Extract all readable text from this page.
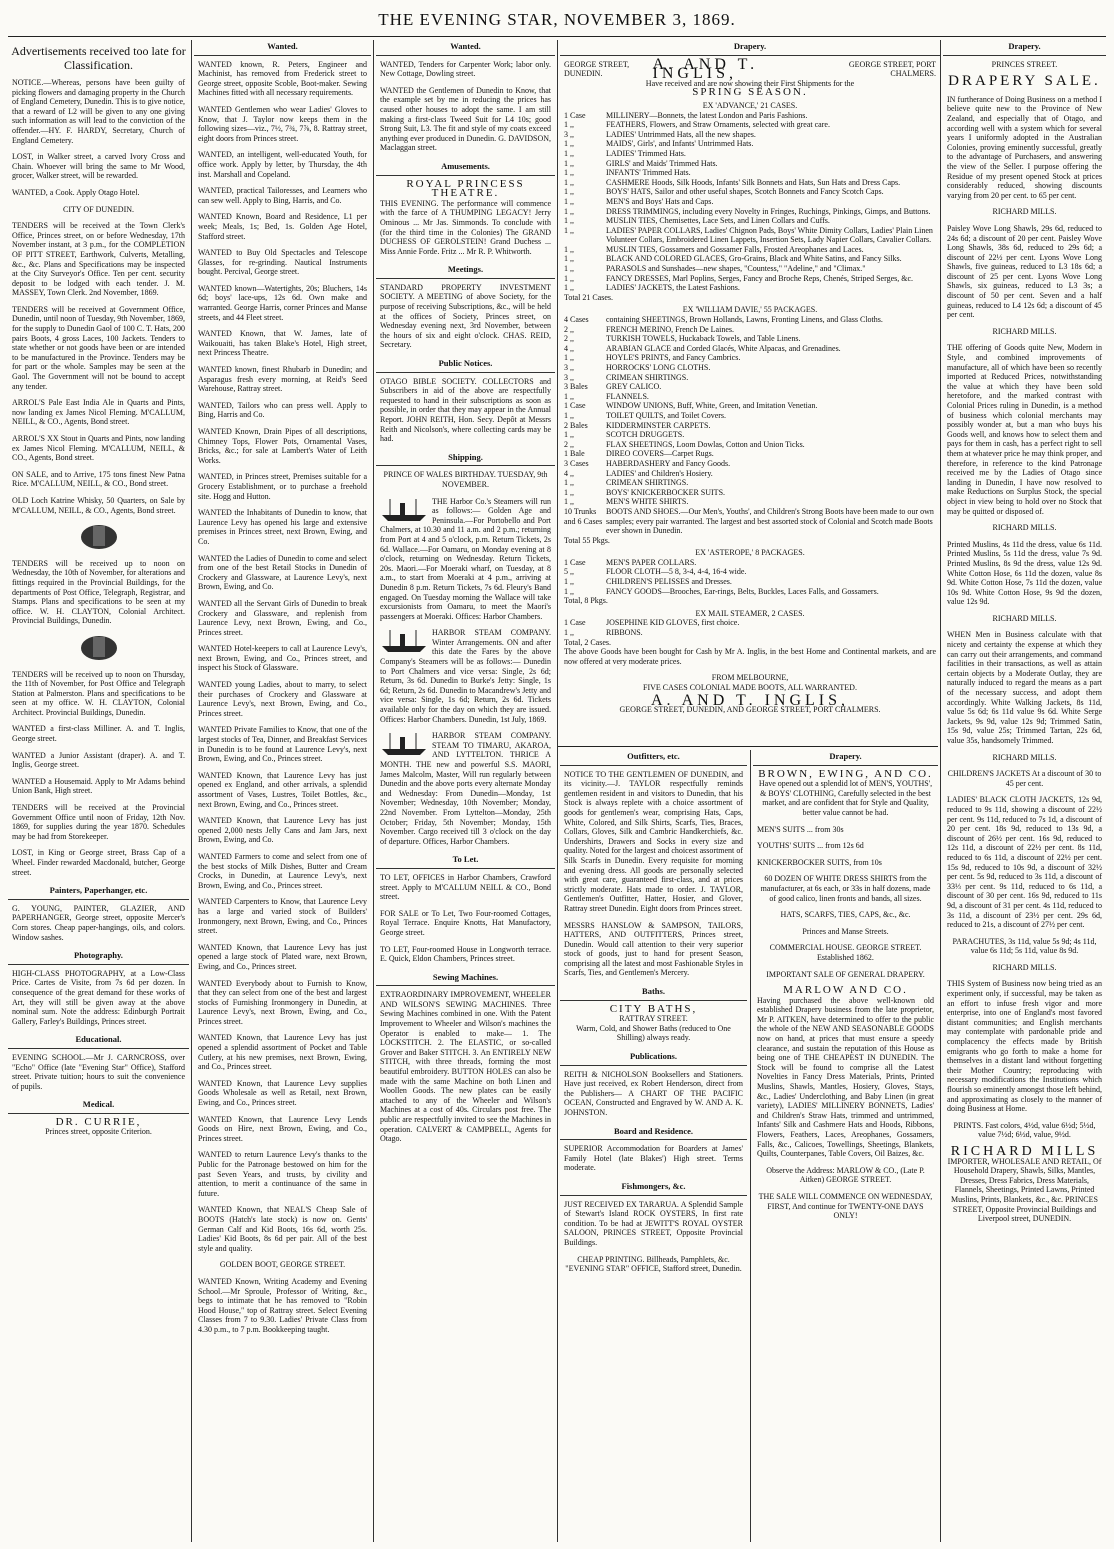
THE EVENING STAR, NOVEMBER 3, 1869.
Advertisements received too late for Classification.
NOTICE.—Whereas, persons have been guilty of picking flowers and damaging property in the Church of England Cemetery, Dunedin. This is to give notice, that a reward of L2 will be given to any one giving such information as will lead to the conviction of the offender.—HY. F. HARDY, Secretary, Church of England Cemetery.
LOST, in Walker street, a carved Ivory Cross and Chain. Whoever will bring the same to Mr Wood, grocer, Walker street, will be rewarded.
WANTED, a Cook. Apply Otago Hotel.
CITY OF DUNEDIN.
TENDERS will be received at the Town Clerk's Office, Princes street, on or before Wednesday, 17th November instant, at 3 p.m., for the COMPLETION OF PITT STREET, Earthwork, Culverts, Metalling, &c., &c. Plans and Specifications may be inspected at the City Surveyor's Office. Ten per cent. security deposit to be lodged with each tender. J. M. MASSEY, Town Clerk. 2nd November, 1869.
TENDERS will be received at Government Office, Dunedin, until noon of Tuesday, 9th November, 1869, for the supply to Dunedin Gaol of 100 C. T. Hats, 200 pairs Boots, 4 gross Laces, 100 Jackets. Tenders to state whether or not goods have been or are intended to be manufactured in the Province. Tenders may be for part or the whole. Samples may be seen at the Gaol. The Government will not be bound to accept any tender.
ARROL'S Pale East India Ale in Quarts and Pints, now landing ex James Nicol Fleming. M'CALLUM, NEILL, & CO., Agents, Bond street.
ARROL'S XX Stout in Quarts and Pints, now landing ex James Nicol Fleming. M'CALLUM, NEILL, & CO., Agents, Bond street.
ON SALE, and to Arrive, 175 tons finest New Patna Rice. M'CALLUM, NEILL, & CO., Bond street.
OLD Loch Katrine Whisky, 50 Quarters, on Sale by M'CALLUM, NEILL, & CO., Agents, Bond street.
TENDERS will be received up to noon on Wednesday, the 10th of November, for alterations and fittings required in the Provincial Buildings, for the departments of Post Office, Telegraph, Registrar, and Stamps. Plans and specifications to be seen at my office. W. H. CLAYTON, Colonial Architect. Provincial Buildings, Dunedin.
TENDERS will be received up to noon on Thursday, the 11th of November, for Post Office and Telegraph Station at Palmerston. Plans and specifications to be seen at my office. W. H. CLAYTON, Colonial Architect. Provincial Buildings, Dunedin.
WANTED a first-class Milliner. A. and T. Inglis, George street.
WANTED a Junior Assistant (draper). A. and T. Inglis, George street.
WANTED a Housemaid. Apply to Mr Adams behind Union Bank, High street.
TENDERS will be received at the Provincial Government Office until noon of Friday, 12th Nov. 1869, for supplies during the year 1870. Schedules may be had from Storekeeper.
LOST, in King or George street, Brass Cap of a Wheel. Finder rewarded Macdonald, butcher, George street.
Painters, Paperhanger, etc.
G. YOUNG, PAINTER, GLAZIER, AND PAPERHANGER, George street, opposite Mercer's Corn stores. Cheap paper-hangings, oils, and colors. Window sashes.
Photography.
HIGH-CLASS PHOTOGRAPHY, at a Low-Class Price. Cartes de Visite, from 7s 6d per dozen. In consequence of the great demand for these works of Art, they will still be given away at the above nominal sum. Note the address: Edinburgh Portrait Gallery, Farley's Buildings, Princes street.
Educational.
EVENING SCHOOL.—Mr J. CARNCROSS, over "Echo" Office (late "Evening Star" Office), Stafford street. Private tuition; hours to suit the convenience of pupils.
Medical.
DR. CURRIE,
Princes street, opposite Criterion.
Wanted.
WANTED known, R. Peters, Engineer and Machinist, has removed from Frederick street to George street, opposite Scoble, Boot-maker. Sewing Machines fitted with all necessary requirements.
WANTED Gentlemen who wear Ladies' Gloves to Know, that J. Taylor now keeps them in the following sizes—viz., 7½, 7¾, 7⅞, 8. Rattray street, eight doors from Princes street.
WANTED, an intelligent, well-educated Youth, for office work. Apply by letter, by Thursday, the 4th inst. Marshall and Copeland.
WANTED, practical Tailoresses, and Learners who can sew well. Apply to Bing, Harris, and Co.
WANTED Known, Board and Residence, L1 per week; Meals, 1s; Bed, 1s. Golden Age Hotel, Stafford street.
WANTED to Buy Old Spectacles and Telescope Glasses, for re-grinding. Nautical Instruments bought. Percival, George street.
WANTED known—Watertights, 20s; Bluchers, 14s 6d; boys' lace-ups, 12s 6d. Own make and warranted. George Harris, corner Princes and Manse streets, and 44 Fleet street.
WANTED Known, that W. James, late of Waikouaiti, has taken Blake's Hotel, High street, next Princess Theatre.
WANTED known, finest Rhubarb in Dunedin; and Asparagus fresh every morning, at Reid's Seed Warehouse, Rattray street.
WANTED, Tailors who can press well. Apply to Bing, Harris and Co.
WANTED Known, Drain Pipes of all descriptions, Chimney Tops, Flower Pots, Ornamental Vases, Bricks, &c.; for sale at Lambert's Water of Leith Works.
WANTED, in Princes street, Premises suitable for a Grocery Establishment, or to purchase a freehold site. Hogg and Hutton.
WANTED the Inhabitants of Dunedin to know, that Laurence Levy has opened his large and extensive premises in Princes street, next Brown, Ewing, and Co.
WANTED the Ladies of Dunedin to come and select from one of the best Retail Stocks in Dunedin of Crockery and Glassware, at Laurence Levy's, next Brown, Ewing, and Co.
WANTED all the Servant Girls of Dunedin to break Crockery and Glassware, and replenish from Laurence Levy, next Brown, Ewing, and Co., Princes street.
WANTED Hotel-keepers to call at Laurence Levy's, next Brown, Ewing, and Co., Princes street, and inspect his Stock of Glassware.
WANTED young Ladies, about to marry, to select their purchases of Crockery and Glassware at Laurence Levy's, next Brown, Ewing, and Co., Princes street.
WANTED Private Families to Know, that one of the largest stocks of Tea, Dinner, and Breakfast Services in Dunedin is to be found at Laurence Levy's, next Brown, Ewing, and Co., Princes street.
WANTED Known, that Laurence Levy has just opened ex England, and other arrivals, a splendid assortment of Vases, Lustres, Toilet Bottles, &c., next Brown, Ewing, and Co., Princes street.
WANTED Known, that Laurence Levy has just opened 2,000 nests Jelly Cans and Jam Jars, next Brown, Ewing, and Co.
WANTED Farmers to come and select from one of the best stocks of Milk Dishes, Butter and Cream Crocks, in Dunedin, at Laurence Levy's, next Brown, Ewing, and Co., Princes street.
WANTED Carpenters to Know, that Laurence Levy has a large and varied stock of Builders' Ironmongery, next Brown, Ewing, and Co., Princes street.
WANTED Known, that Laurence Levy has just opened a large stock of Plated ware, next Brown, Ewing, and Co., Princes street.
WANTED Everybody about to Furnish to Know, that they can select from one of the best and largest stocks of Furnishing Ironmongery in Dunedin, at Laurence Levy's, next Brown, Ewing, and Co., Princes street.
WANTED Known, that Laurence Levy has just opened a splendid assortment of Pocket and Table Cutlery, at his new premises, next Brown, Ewing, and Co., Princes street.
WANTED Known, that Laurence Levy supplies Goods Wholesale as well as Retail, next Brown, Ewing, and Co., Princes street.
WANTED Known, that Laurence Levy Lends Goods on Hire, next Brown, Ewing, and Co., Princes street.
WANTED to return Laurence Levy's thanks to the Public for the Patronage bestowed on him for the past Seven Years, and trusts, by civility and attention, to merit a continuance of the same in future.
WANTED Known, that NEAL'S Cheap Sale of BOOTS (Hatch's late stock) is now on. Gents' German Calf and Kid Boots, 16s 6d, worth 25s. Ladies' Kid Boots, 8s 6d per pair. All of the best style and quality.
GOLDEN BOOT, GEORGE STREET.
WANTED Known, Writing Academy and Evening School.—Mr Sproule, Professor of Writing, &c., begs to intimate that he has removed to "Robin Hood House," top of Rattray street. Select Evening Classes from 7 to 9.30. Ladies' Private Class from 4.30 p.m., to 7 p.m. Bookkeeping taught.
Wanted.
WANTED, Tenders for Carpenter Work; labor only. New Cottage, Dowling street.
WANTED the Gentlemen of Dunedin to Know, that the example set by me in reducing the prices has caused other houses to adopt the same. I am still making a first-class Tweed Suit for L4 10s; good Strong Suit, L3. The fit and style of my coats exceed anything ever produced in Dunedin. G. DAVIDSON, Maclaggan street.
Amusements.
ROYAL PRINCESS THEATRE.
THIS EVENING. The performance will commence with the farce of A THUMPING LEGACY! Jerry Ominous ... Mr Jas. Simmonds. To conclude with (for the third time in the Colonies) The GRAND DUCHESS OF GEROLSTEIN! Grand Duchess ... Miss Annie Forde. Fritz ... Mr R. P. Whitworth.
Meetings.
STANDARD PROPERTY INVESTMENT SOCIETY. A MEETING of above Society, for the purpose of receiving Subscriptions, &c., will be held at the offices of Society, Princes street, on Wednesday evening next, 3rd November, between the hours of six and eight o'clock. CHAS. REID, Secretary.
Public Notices.
OTAGO BIBLE SOCIETY. COLLECTORS and Subscribers in aid of the above are respectfully requested to hand in their subscriptions as soon as possible, in order that they may appear in the Annual Report. JOHN REITH, Hon. Secy. Depôt at Messrs Reith and Nicolson's, where collecting cards may be had.
Shipping.
PRINCE OF WALES BIRTHDAY. TUESDAY, 9th NOVEMBER.
THE Harbor Co.'s Steamers will run as follows:— Golden Age and Peninsula.—For Portobello and Port Chalmers, at 10.30 and 11 a.m. and 2 p.m.; returning from Port at 4 and 5 o'clock, p.m. Return Tickets, 2s 6d. Wallace.—For Oamaru, on Monday evening at 8 o'clock, returning on Wednesday. Return Tickets, 20s. Maori.—For Moeraki wharf, on Tuesday, at 8 a.m., to start from Moeraki at 4 p.m., arriving at Dunedin 8 p.m. Return Tickets, 7s 6d. Fleury's Band engaged. On Tuesday morning the Wallace will take excursionists from Oamaru, to meet the Maori's passengers at Moeraki. Offices: Harbor Chambers.
HARBOR STEAM COMPANY. Winter Arrangements. ON and after this date the Fares by the above Company's Steamers will be as follows:— Dunedin to Port Chalmers and vice versa: Single, 2s 6d; Return, 3s 6d. Dunedin to Burke's Jetty: Single, 1s 6d; Return, 2s 6d. Dunedin to Macandrew's Jetty and vice versa: Single, 1s 6d; Return, 2s 6d. Tickets available only for the day on which they are issued. Offices: Harbor Chambers. Dunedin, 1st July, 1869.
HARBOR STEAM COMPANY. STEAM TO TIMARU, AKAROA, AND LYTTELTON. THRICE A MONTH. THE new and powerful S.S. MAORI, James Malcolm, Master, Will run regularly between Dunedin and the above ports every alternate Monday and Wednesday: From Dunedin—Monday, 1st November; Wednesday, 10th November; Monday, 22nd November. From Lyttelton—Monday, 25th October; Friday, 5th November; Monday, 15th November. Cargo received till 3 o'clock on the day of departure. Offices, Harbor Chambers.
To Let.
TO LET, OFFICES in Harbor Chambers, Crawford street. Apply to M'CALLUM NEILL & CO., Bond street.
FOR SALE or To Let, Two Four-roomed Cottages, Royal Terrace. Enquire Knotts, Hat Manufactory, George street.
TO LET, Four-roomed House in Longworth terrace. E. Quick, Eldon Chambers, Princes street.
Sewing Machines.
EXTRAORDINARY IMPROVEMENT, WHEELER AND WILSON'S SEWING MACHINES. Three Sewing Machines combined in one. With the Patent Improvement to Wheeler and Wilson's machines the Operator is enabled to make— 1. The LOCKSTITCH. 2. The ELASTIC, or so-called Grover and Baker STITCH. 3. An ENTIRELY NEW STITCH, with three threads, forming the most beautiful embroidery. BUTTON HOLES can also be made with the same Machine on both Linen and Woollen Goods. The new plates can be easily attached to any of the Wheeler and Wilson's Machines at a cost of 40s. Circulars post free. The public are respectfully invited to see the Machines in operation. CALVERT & CAMPBELL, Agents for Otago.
Drapery.
GEORGE STREET, DUNEDIN.
A. AND T. INGLIS,
GEORGE STREET, PORT CHALMERS.
Have received and are now showing their First Shipments for the
SPRING SEASON.
EX 'ADVANCE,' 21 CASES.
1 Case	MILLINERY—Bonnets, the latest London and Paris Fashions.
1 ,,	FEATHERS, Flowers, and Straw Ornaments, selected with great care.
3 ,,	LADIES' Untrimmed Hats, all the new shapes.
1 ,,	MAIDS', Girls', and Infants' Untrimmed Hats.
1 ,,	LADIES' Trimmed Hats.
1 ,,	GIRLS' and Maids' Trimmed Hats.
1 ,,	INFANTS' Trimmed Hats.
1 ,,	CASHMERE Hoods, Silk Hoods, Infants' Silk Bonnets and Hats, Sun Hats and Dress Caps.
1 ,,	BOYS' HATS, Sailor and other useful shapes, Scotch Bonnets and Fancy Scotch Caps.
1 ,,	MEN'S and Boys' Hats and Caps.
1 ,,	DRESS TRIMMINGS, including every Novelty in Fringes, Ruchings, Pinkings, Gimps, and Buttons.
1 ,,	MUSLIN TIES, Chemisettes, Lace Sets, and Linen Collars and Cuffs.
1 ,,	LADIES' PAPER COLLARS, Ladies' Chignon Pads, Boys' White Dimity Collars, Ladies' Plain Linen Volunteer Collars, Embroidered Linen Lappets, Insertion Sets, Lady Napier Collars, Cavalier Collars.
1 ,,	MUSLIN TIES, Gossamers and Gossamer Falls, Frosted Areophanes and Laces.
1 ,,	BLACK AND COLORED GLACES, Gro-Grains, Black and White Satins, and Fancy Silks.
1 ,,	PARASOLS and Sunshades—new shapes, "Countess," "Adeline," and "Climax."
1 ,,	FANCY DRESSES, Marl Poplins, Serges, Fancy and Broche Reps, Chenés, Striped Serges, &c.
1 ,,	LADIES' JACKETS, the Latest Fashions.
Total 21 Cases.
EX 'WILLIAM DAVIE,' 55 PACKAGES.
4 Cases	containing SHEETINGS, Brown Hollands, Lawns, Fronting Linens, and Glass Cloths.
2 ,,	FRENCH MERINO, French De Laines.
2 ,,	TURKISH TOWELS, Huckaback Towels, and Table Linens.
4 ,,	ARABIAN GLACE and Corded Glacés, White Alpacas, and Grenadines.
1 ,,	HOYLE'S PRINTS, and Fancy Cambrics.
3 ,,	HORROCKS' LONG CLOTHS.
3 ,,	CRIMEAN SHIRTINGS.
3 Bales	GREY CALICO.
1 ,,	FLANNELS.
1 Case	WINDOW UNIONS, Buff, White, Green, and Imitation Venetian.
1 ,,	TOILET QUILTS, and Toilet Covers.
2 Bales	KIDDERMINSTER CARPETS.
1 ,,	SCOTCH DRUGGETS.
2 ,,	FLAX SHEETINGS, Loom Dowlas, Cotton and Union Ticks.
1 Bale	DIREO COVERS—Carpet Rugs.
3 Cases	HABERDASHERY and Fancy Goods.
4 ,,	LADIES' and Children's Hosiery.
1 ,,	CRIMEAN SHIRTINGS.
1 ,,	BOYS' KNICKERBOCKER SUITS.
1 ,,	MEN'S WHITE SHIRTS.
10 Trunks and 6 Cases
BOOTS AND SHOES.—Our Men's, Youths', and Children's Strong Boots have been made to our own samples; every pair warranted. The largest and best assorted stock of Colonial and Scotch made Boots ever shown in Dunedin.
Total 55 Pkgs.
EX 'ASTEROPE,' 8 PACKAGES.
1 Case	MEN'S PAPER COLLARS.
5 ,,	FLOOR CLOTH—5 8, 3-4, 4-4, 16-4 wide.
1 ,,	CHILDREN'S PELISSES and Dresses.
1 ,,	FANCY GOODS—Brooches, Ear-rings, Belts, Buckles, Laces Falls, and Gossamers.
Total, 8 Pkgs.
EX MAIL STEAMER, 2 CASES.
1 Case	JOSEPHINE KID GLOVES, first choice.
1 ,,	RIBBONS.
Total, 2 Cases.
The above Goods have been bought for Cash by Mr A. Inglis, in the best Home and Continental markets, and are now offered at very moderate prices.
FROM MELBOURNE,
FIVE CASES COLONIAL MADE BOOTS, ALL WARRANTED.
A. AND T. INGLIS,
GEORGE STREET, DUNEDIN, AND GEORGE STREET, PORT CHALMERS.
Outfitters, etc.
NOTICE TO THE GENTLEMEN OF DUNEDIN, and its vicinity.—J. TAYLOR respectfully reminds gentlemen resident in and visitors to Dunedin, that his Stock is always replete with a choice assortment of goods for gentlemen's wear, comprising Hats, Caps, White, Colored, and Silk Shirts, Scarfs, Ties, Braces, Collars, Gloves, Silk and Cambric Handkerchiefs, &c. Undershirts, Drawers and Socks in every size and quality. Noted for the largest and choicest assortment of Silk Scarfs in Dunedin. Every requisite for morning and evening dress. All goods are personally selected with great care, guaranteed first-class, and at prices strictly moderate. Hats made to order. J. TAYLOR, Gentlemen's Outfitter, Hatter, Hosier, and Glover, Rattray street Dunedin. Eight doors from Princes street.
MESSRS HANSLOW & SAMPSON, TAILORS, HATTERS, AND OUTFITTERS, Princes street, Dunedin. Would call attention to their very superior stock of goods, just to hand for present Season, comprising all the latest and most Fashionable Styles in Scarfs, Ties, and Gentlemen's Mercery.
Baths.
CITY BATHS,
RATTRAY STREET.
Warm, Cold, and Shower Baths (reduced to One Shilling) always ready.
Publications.
REITH & NICHOLSON Booksellers and Stationers. Have just received, ex Robert Henderson, direct from the Publishers— A CHART OF THE PACIFIC OCEAN, Constructed and Engraved by W. AND A. K. JOHNSTON.
Board and Residence.
SUPERIOR Accommodation for Boarders at James' Family Hotel (late Blakes') High street. Terms moderate.
Fishmongers, &c.
JUST RECEIVED EX TARARUA. A Splendid Sample of Stewart's Island ROCK OYSTERS, In first rate condition. To be had at JEWITT'S ROYAL OYSTER SALOON, PRINCES STREET, Opposite Provincial Buildings.
CHEAP PRINTING. Billheads, Pamphlets, &c. "EVENING STAR" OFFICE, Stafford street, Dunedin.
Drapery.
BROWN, EWING, AND CO.
Have opened out a splendid lot of MEN'S, YOUTHS', & BOYS' CLOTHING, Carefully selected in the best market, and are confident that for Style and Quality, better value cannot be had.
MEN'S SUITS ... from 30s
YOUTHS' SUITS ... from 12s 6d
KNICKERBOCKER SUITS, from 10s
60 DOZEN OF WHITE DRESS SHIRTS from the manufacturer, at 6s each, or 33s in half dozens, made of good calico, linen fronts and bands, all sizes.
HATS, SCARFS, TIES, CAPS, &c., &c.
Princes and Manse Streets.
COMMERCIAL HOUSE. GEORGE STREET. Established 1862.
IMPORTANT SALE OF GENERAL DRAPERY.
MARLOW AND CO.
Having purchased the above well-known old established Drapery business from the late proprietor, Mr P. AITKEN, have determined to offer to the public the whole of the NEW AND SEASONABLE GOODS now on hand, at prices that must ensure a speedy clearance, and sustain the reputation of this House as being one of THE CHEAPEST IN DUNEDIN. The Stock will be found to comprise all the Latest Novelties in Fancy Dress Materials, Prints, Printed Muslins, Shawls, Mantles, Hosiery, Gloves, Stays, &c., Ladies' Underclothing, and Baby Linen (in great variety), LADIES' MILLINERY BONNETS, Ladies' and Children's Straw Hats, trimmed and untrimmed, Infants' Silk and Cashmere Hats and Hoods, Ribbons, Flowers, Feathers, Laces, Areophanes, Gossamers, Falls, &c., Calicoes, Towellings, Sheetings, Blankets, Quilts, Counterpanes, Table Covers, Oil Baizes, &c.
Observe the Address: MARLOW & CO., (Late P. Aitken) GEORGE STREET.
THE SALE WILL COMMENCE ON WEDNESDAY, FIRST, And continue for TWENTY-ONE DAYS ONLY!
Drapery.
PRINCES STREET.
DRAPERY SALE.
IN furtherance of Doing Business on a method I believe quite new to the Province of New Zealand, and especially that of Otago, and according well with a system which for several years I uniformly adopted in the Australian Colonies, proving eminently successful, greatly to the advantage of Purchasers, and answering the view of the Seller. I purpose offering the Residue of my present opened Stock at prices considerably reduced, showing discounts varying from 20 per cent. to 65 per cent.
RICHARD MILLS.
Paisley Wove Long Shawls, 29s 6d, reduced to 24s 6d; a discount of 20 per cent. Paisley Wove Long Shawls, 38s 6d, reduced to 29s 6d; a discount of 22½ per cent. Lyons Wove Long Shawls, five guineas, reduced to L3 18s 6d; a discount of 25 per cent. Lyons Wove Long Shawls, six guineas, reduced to L3 3s; a discount of 50 per cent. Seven and a half guineas, reduced to L4 12s 6d; a discount of 45 per cent.
RICHARD MILLS.
THE offering of Goods quite New, Modern in Style, and combined improvements of manufacture, all of which have been so recently imported at Reduced Prices, notwithstanding the value at which they have been sold heretofore, and the marked contrast with Colonial Prices ruling in Dunedin, is a method of business which colonial merchants may possibly wonder at, but a man who buys his Goods well, and knows how to select them and pays for them in cash, has a perfect right to sell them at whatever price he may think proper, and therefore, in reference to the kind Patronage received me by the Ladies of Otago since landing in Dunedin, I have now resolved to make Reductions on Surplus Stock, the special object in view being to hold over no Stock that may be quitted or disposed of.
RICHARD MILLS.
Printed Muslins, 4s 11d the dress, value 6s 11d. Printed Muslins, 5s 11d the dress, value 7s 9d. Printed Muslins, 8s 9d the dress, value 12s 9d. White Cotton Hose, 6s 11d the dozen, value 8s 9d. White Cotton Hose, 7s 11d the dozen, value 10s 9d. White Cotton Hose, 9s 9d the dozen, value 12s 9d.
RICHARD MILLS.
WHEN Men in Business calculate with that nicety and certainty the expense at which they can carry out their arrangements, and command facilities in their transactions, as well as attain certain objects by a Moderate Outlay, they are naturally induced to regard the means as a part of the necessary success, and adopt them accordingly. White Walking Jackets, 8s 11d, value 5s 6d; 6s 11d value 9s 6d. White Serge Jackets, 9s 9d, value 12s 9d; Trimmed Satin, 15s 9d, value 25s; Trimmed Tartan, 22s 6d, value 35s, handsomely Trimmed.
RICHARD MILLS.
CHILDREN'S JACKETS At a discount of 30 to 45 per cent.
LADIES' BLACK CLOTH JACKETS, 12s 9d, reduced to 9s 11d, showing a discount of 22½ per cent. 9s 11d, reduced to 7s 1d, a discount of 20 per cent. 18s 9d, reduced to 13s 9d, a discount of 26½ per cent. 16s 9d, reduced to 12s 11d, a discount of 22½ per cent. 8s 11d, reduced to 6s 11d, a discount of 22½ per cent. 15s 9d, reduced to 10s 9d, a discount of 32½ per cent. 5s 9d, reduced to 3s 11d, a discount of 33⅓ per cent. 9s 11d, reduced to 6s 11d, a discount of 30 per cent. 16s 9d, reduced to 11s 9d, a discount of 31 per cent. 4s 11d, reduced to 3s 11d, a discount of 23½ per cent. 29s 6d, reduced to 21s, a discount of 27½ per cent.
PARACHUTES, 3s 11d, value 5s 9d; 4s 11d, value 6s 11d; 5s 11d, value 8s 9d.
RICHARD MILLS.
THIS System of Business now being tried as an experiment only, if successful, may be taken as an effort to infuse fresh vigor and more enterprise, into one of England's most favored distant communities; and English merchants may contemplate with pardonable pride and complacency the effects made by British emigrants who go forth to make a home for themselves in a distant land without forgetting their Mother Country; reproducing with necessary modifications the Institutions which flourish so eminently amongst those left behind, and approximating as closely to the manner of doing Business at Home.
PRINTS. Fast colors, 4½d, value 6½d; 5½d, value 7½d; 6½d, value, 9½d.
RICHARD MILLS
IMPORTER, WHOLESALE AND RETAIL, Of Household Drapery, Shawls, Silks, Mantles, Dresses, Dress Fabrics, Dress Materials, Flannels, Sheetings, Printed Lawns, Printed Muslins, Prints, Blankets, &c., &c. PRINCES STREET, Opposite Provincial Buildings and Liverpool street, DUNEDIN.
